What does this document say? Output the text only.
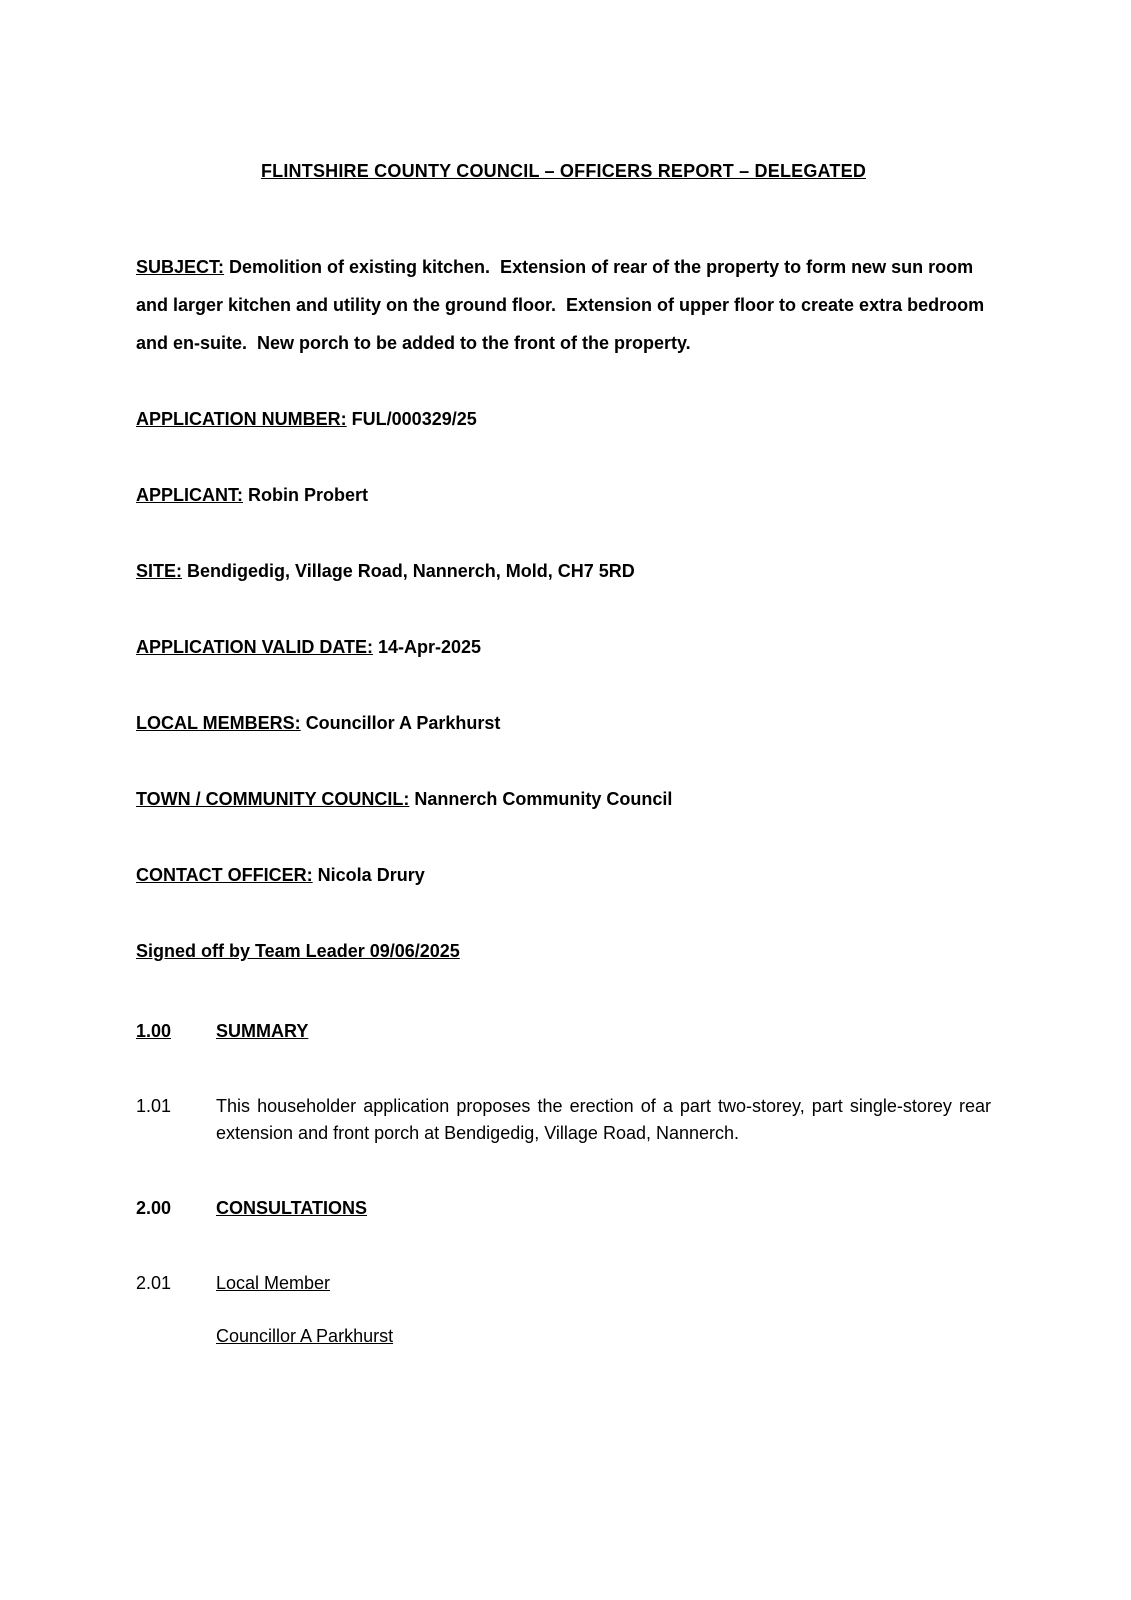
FLINTSHIRE COUNTY COUNCIL – OFFICERS REPORT – DELEGATED

SUBJECT: Demolition of existing kitchen.  Extension of rear of the property to form new sun room and larger kitchen and utility on the ground floor.  Extension of upper floor to create extra bedroom and en-suite.  New porch to be added to the front of the property.

APPLICATION NUMBER: FUL/000329/25

APPLICANT: Robin Probert

SITE: Bendigedig, Village Road, Nannerch, Mold, CH7 5RD

APPLICATION VALID DATE: 14-Apr-2025

LOCAL MEMBERS: Councillor A Parkhurst

TOWN / COMMUNITY COUNCIL: Nannerch Community Council

CONTACT OFFICER: Nicola Drury

Signed off by Team Leader 09/06/2025

1.00	SUMMARY
1.01	This householder application proposes the erection of a part two-storey, part single-storey rear extension and front porch at Bendigedig, Village Road, Nannerch.

2.00	CONSULTATIONS
2.01	Local Member

Councillor A Parkhurst
